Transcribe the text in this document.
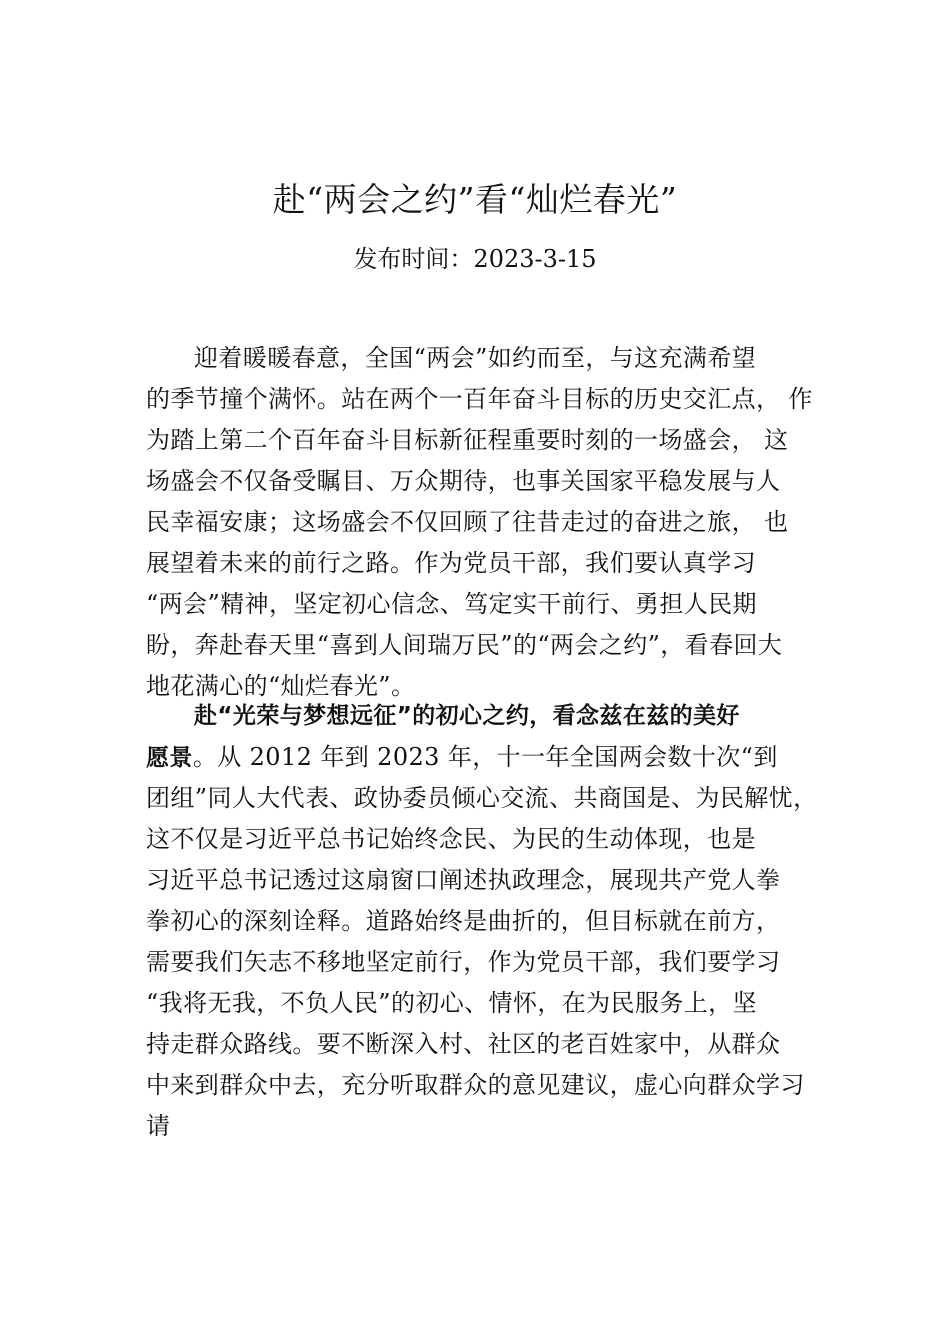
赴“两会之约”看“灿烂春光”
发布时间：2023-3-15
迎着暖暖春意，全国“两会”如约而至，与这充满希望
的季节撞个满怀。站在两个一百年奋斗目标的历史交汇点， 作
为踏上第二个百年奋斗目标新征程重要时刻的一场盛会， 这
场盛会不仅备受瞩目、万众期待，也事关国家平稳发展与人
民幸福安康；这场盛会不仅回顾了往昔走过的奋进之旅， 也
展望着未来的前行之路。作为党员干部，我们要认真学习
“两会”精神，坚定初心信念、笃定实干前行、勇担人民期
盼，奔赴春天里“喜到人间瑞万民”的“两会之约”，看春回大
地花满心的“灿烂春光”。
赴“光荣与梦想远征”的初心之约，看念兹在兹的美好
愿景。从 2012 年到 2023 年，十一年全国两会数十次“到
团组”同人大代表、政协委员倾心交流、共商国是、为民解忧，
这不仅是习近平总书记始终念民、为民的生动体现，也是
习近平总书记透过这扇窗口阐述执政理念，展现共产党人拳
拳初心的深刻诠释。道路始终是曲折的，但目标就在前方，
需要我们矢志不移地坚定前行，作为党员干部，我们要学习
“我将无我，不负人民”的初心、情怀，在为民服务上，坚
持走群众路线。要不断深入村、社区的老百姓家中，从群众
中来到群众中去，充分听取群众的意见建议，虚心向群众学习
请
